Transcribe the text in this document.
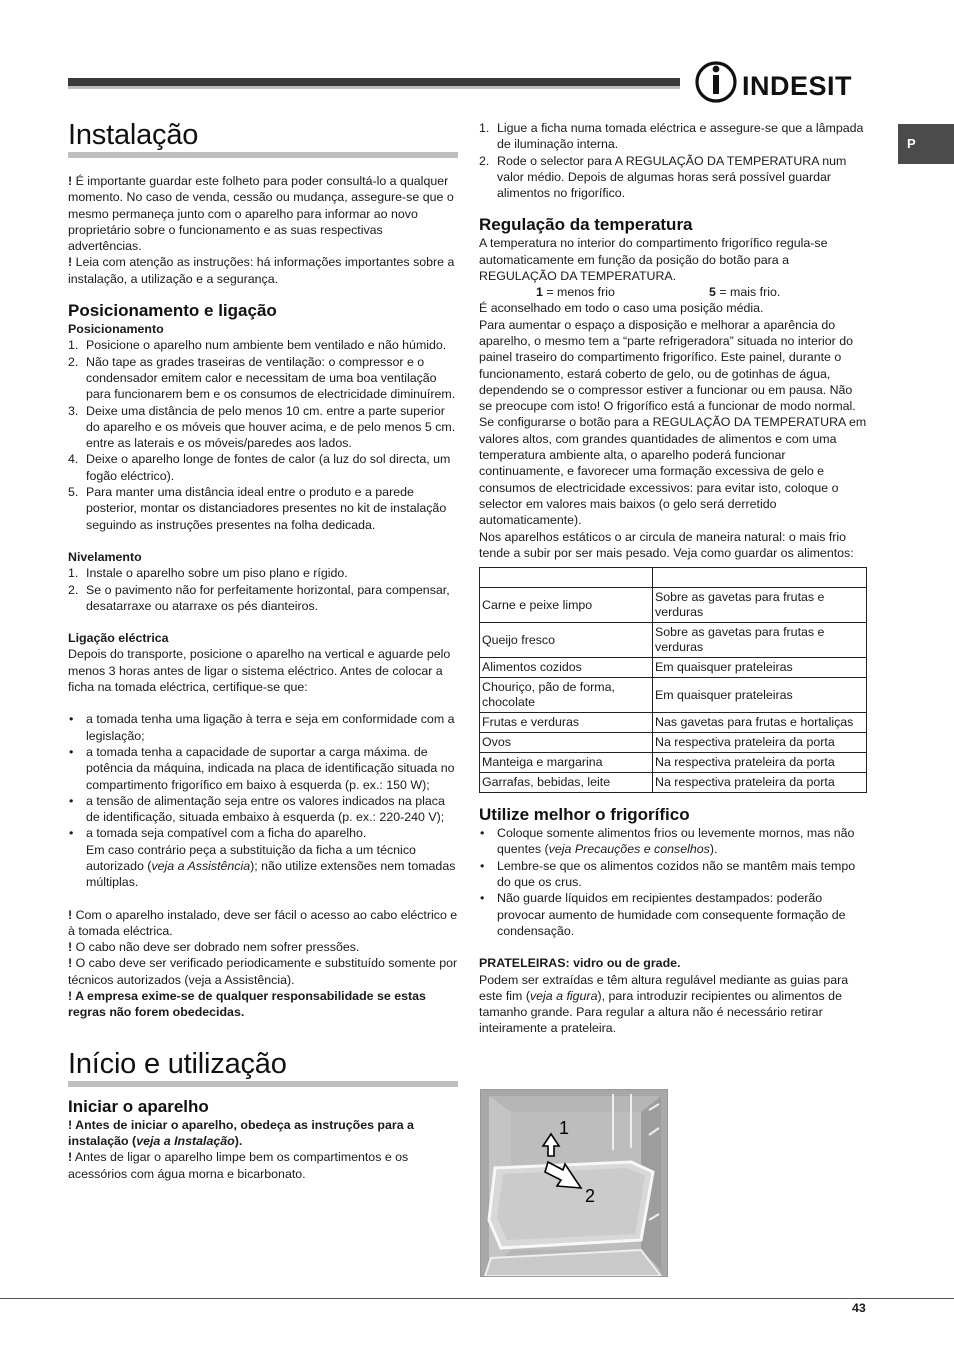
INDESIT
P
Instalação

! É importante guardar este folheto para poder consultá-lo a qualquer momento. No caso de venda, cessão ou mudança, assegure-se que o mesmo permaneça junto com o aparelho para informar ao novo proprietário sobre o funcionamento e as suas respectivas advertências.

! Leia com atenção as instruções: há informações importantes sobre a instalação, a utilização e a segurança.

Posicionamento e ligação
Posicionamento
1. Posicione o aparelho num ambiente bem ventilado e não húmido.
2. Não tape as grades traseiras de ventilação: o compressor e o condensador emitem calor e necessitam de uma boa ventilação para funcionarem bem e os consumos de electricidade diminuírem.
3. Deixe uma distância de pelo menos 10 cm. entre a parte superior do aparelho e os móveis que houver acima, e de pelo menos 5 cm. entre as laterais e os móveis/paredes aos lados.
4. Deixe o aparelho longe de fontes de calor (a luz do sol directa, um fogão eléctrico).
5. Para manter uma distância ideal entre o produto e a parede posterior, montar os distanciadores presentes no kit de instalação seguindo as instruções presentes na folha dedicada.
Nivelamento
1. Instale o aparelho sobre um piso plano e rígido.
2. Se o pavimento não for perfeitamente horizontal, para compensar, desatarraxe ou atarraxe os pés dianteiros.
Ligação eléctrica

Depois do transporte, posicione o aparelho na vertical e aguarde pelo menos 3 horas antes de ligar o sistema eléctrico. Antes de colocar a ficha na tomada eléctrica, certifique-se que:

• a tomada tenha uma ligação à terra e seja em conformidade com a legislação;
• a tomada tenha a capacidade de suportar a carga máxima. de potência da máquina, indicada na placa de identificação situada no compartimento frigorífico em baixo à esquerda (p. ex.: 150 W);
• a tensão de alimentação seja entre os valores indicados na placa de identificação, situada embaixo à esquerda (p. ex.: 220-240 V);
• a tomada seja compatível com a ficha do aparelho.
Em caso contrário peça a substituição da ficha a um técnico autorizado (veja a Assistência); não utilize extensões nem tomadas múltiplas.

! Com o aparelho instalado, deve ser fácil o acesso ao cabo eléctrico e à tomada eléctrica.

! O cabo não deve ser dobrado nem sofrer pressões.

! O cabo deve ser verificado periodicamente e substituído somente por técnicos autorizados (veja a Assistência).

! A empresa exime-se de qualquer responsabilidade se estas regras não forem obedecidas.

Início e utilização
Iniciar o aparelho

! Antes de iniciar o aparelho, obedeça as instruções para a instalação (veja a Instalação).

! Antes de ligar o aparelho limpe bem os compartimentos e os acessórios com água morna e bicarbonato.

1. Ligue a ficha numa tomada eléctrica e assegure-se que a lâmpada de iluminação interna.
2. Rode o selector para A REGULAÇÃO DA TEMPERATURA num valor médio. Depois de algumas horas será possível guardar alimentos no frigorífico.
Regulação da temperatura

A temperatura no interior do compartimento frigorífico regula-se automaticamente em função da posição do botão para a REGULAÇÃO DA TEMPERATURA.

1 = menos frio	5 = mais frio.

É aconselhado em todo o caso uma posição média.

Para aumentar o espaço a disposição e melhorar a aparência do aparelho, o mesmo tem a “parte refrigeradora” situada no interior do painel traseiro do compartimento frigorífico. Este painel, durante o funcionamento, estará coberto de gelo, ou de gotinhas de água, dependendo se o compressor estiver a funcionar ou em pausa. Não se preocupe com isto! O frigorífico está a funcionar de modo normal. Se configurarse o botão para a REGULAÇÃO DA TEMPERATURA em valores altos, com grandes quantidades de alimentos e com uma temperatura ambiente alta, o aparelho poderá funcionar continuamente, e favorecer uma formação excessiva de gelo e consumos de electricidade excessivos: para evitar isto, coloque o selector em valores mais baixos (o gelo será derretido automaticamente).

Nos aparelhos estáticos o ar circula de maneira natural: o mais frio tende a subir por ser mais pesado. Veja como guardar os alimentos:

Carne e peixe limpo	Sobre as gavetas para frutas e verduras
Queijo fresco	Sobre as gavetas para frutas e verduras
Alimentos cozidos	Em quaisquer prateleiras
Chouriço, pão de forma, chocolate	Em quaisquer prateleiras
Frutas e verduras	Nas gavetas para frutas e hortaliças
Ovos	Na respectiva prateleira da porta
Manteiga e margarina	Na respectiva prateleira da porta
Garrafas, bebidas, leite	Na respectiva prateleira da porta
Utilize melhor o frigorífico
• Coloque somente alimentos frios ou levemente mornos, mas não quentes (veja Precauções e conselhos).
• Lembre-se que os alimentos cozidos não se mantêm mais tempo do que os crus.
• Não guarde líquidos em recipientes destampados: poderão provocar aumento de humidade com consequente formação de condensação.
PRATELEIRAS: vidro ou de grade.

Podem ser extraídas e têm altura regulável mediante as guias para este fim (veja a figura), para introduzir recipientes ou alimentos de tamanho grande. Para regular a altura não é necessário retirar inteiramente a prateleira.

1
2
43
